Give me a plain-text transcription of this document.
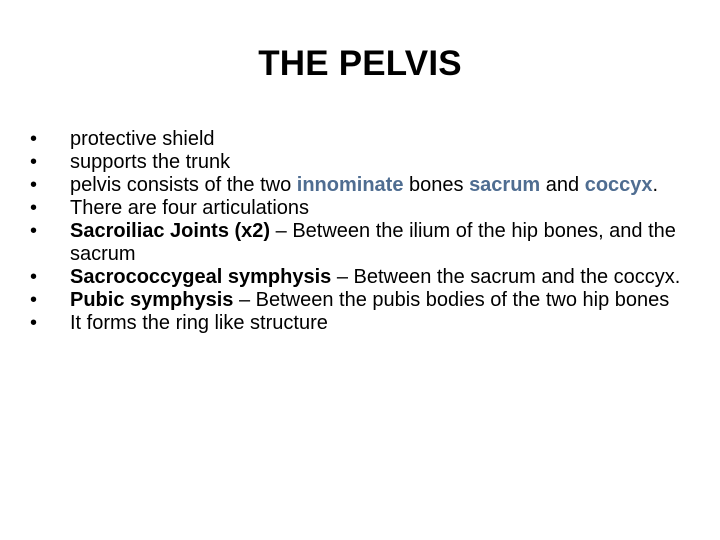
THE PELVIS
•	protective shield
•	supports the trunk
•	pelvis consists of the two innominate bones sacrum and coccyx.
•	There are four articulations
•	Sacroiliac Joints (x2) – Between the ilium of the hip bones, and the sacrum
•	Sacrococcygeal symphysis – Between the sacrum and the coccyx.
•	Pubic symphysis – Between the pubis bodies of the two hip bones
•	It forms the ring like structure
